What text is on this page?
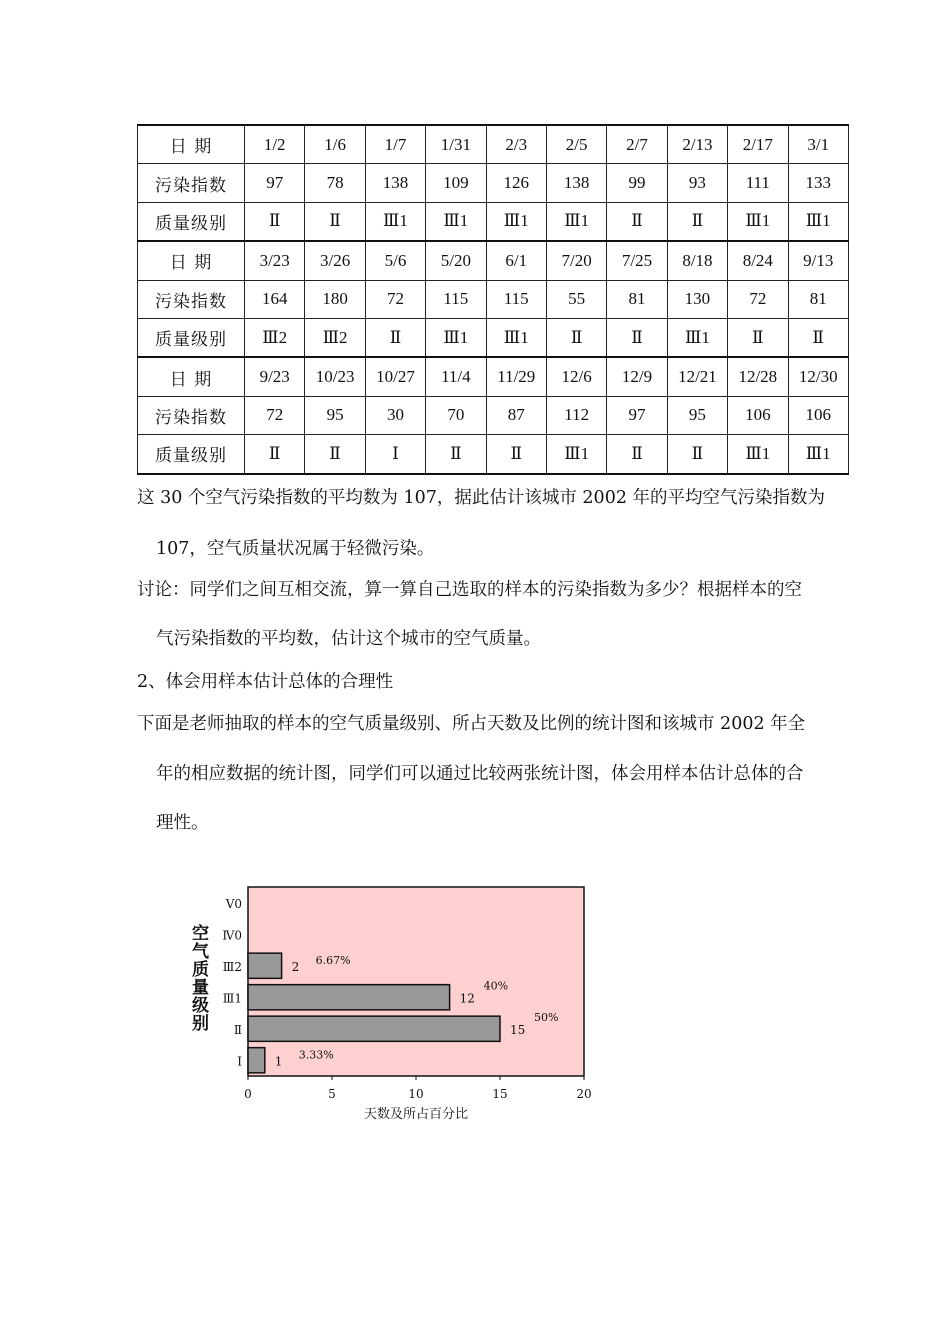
日 期	1/2	1/6	1/7	1/31	2/3	2/5	2/7	2/13	2/17	3/1
污染指数	97	78	138	109	126	138	99	93	111	133
质量级别	Ⅱ	Ⅱ	Ⅲ1	Ⅲ1	Ⅲ1	Ⅲ1	Ⅱ	Ⅱ	Ⅲ1	Ⅲ1
日 期	3/23	3/26	5/6	5/20	6/1	7/20	7/25	8/18	8/24	9/13
污染指数	164	180	72	115	115	55	81	130	72	81
质量级别	Ⅲ2	Ⅲ2	Ⅱ	Ⅲ1	Ⅲ1	Ⅱ	Ⅱ	Ⅲ1	Ⅱ	Ⅱ
日 期	9/23	10/23	10/27	11/4	11/29	12/6	12/9	12/21	12/28	12/30
污染指数	72	95	30	70	87	112	97	95	106	106
质量级别	Ⅱ	Ⅱ	Ⅰ	Ⅱ	Ⅱ	Ⅲ1	Ⅱ	Ⅱ	Ⅲ1	Ⅲ1
这 30 个空气污染指数的平均数为 107，据此估计该城市 2002 年的平均空气污染指数为
107，空气质量状况属于轻微污染。
讨论：同学们之间互相交流，算一算自己选取的样本的污染指数为多少？根据样本的空
气污染指数的平均数，估计这个城市的空气质量。
2、体会用样本估计总体的合理性
下面是老师抽取的样本的空气质量级别、所占天数及比例的统计图和该城市 2002 年全
年的相应数据的统计图，同学们可以通过比较两张统计图，体会用样本估计总体的合
理性。
2 6.67%
12
40%
15
50%
1 3.33%
0	5	10	15	20
Ⅴ0
Ⅳ0
Ⅲ2
Ⅲ1
Ⅱ
Ⅰ
空气质量级别
天数及所占百分比
